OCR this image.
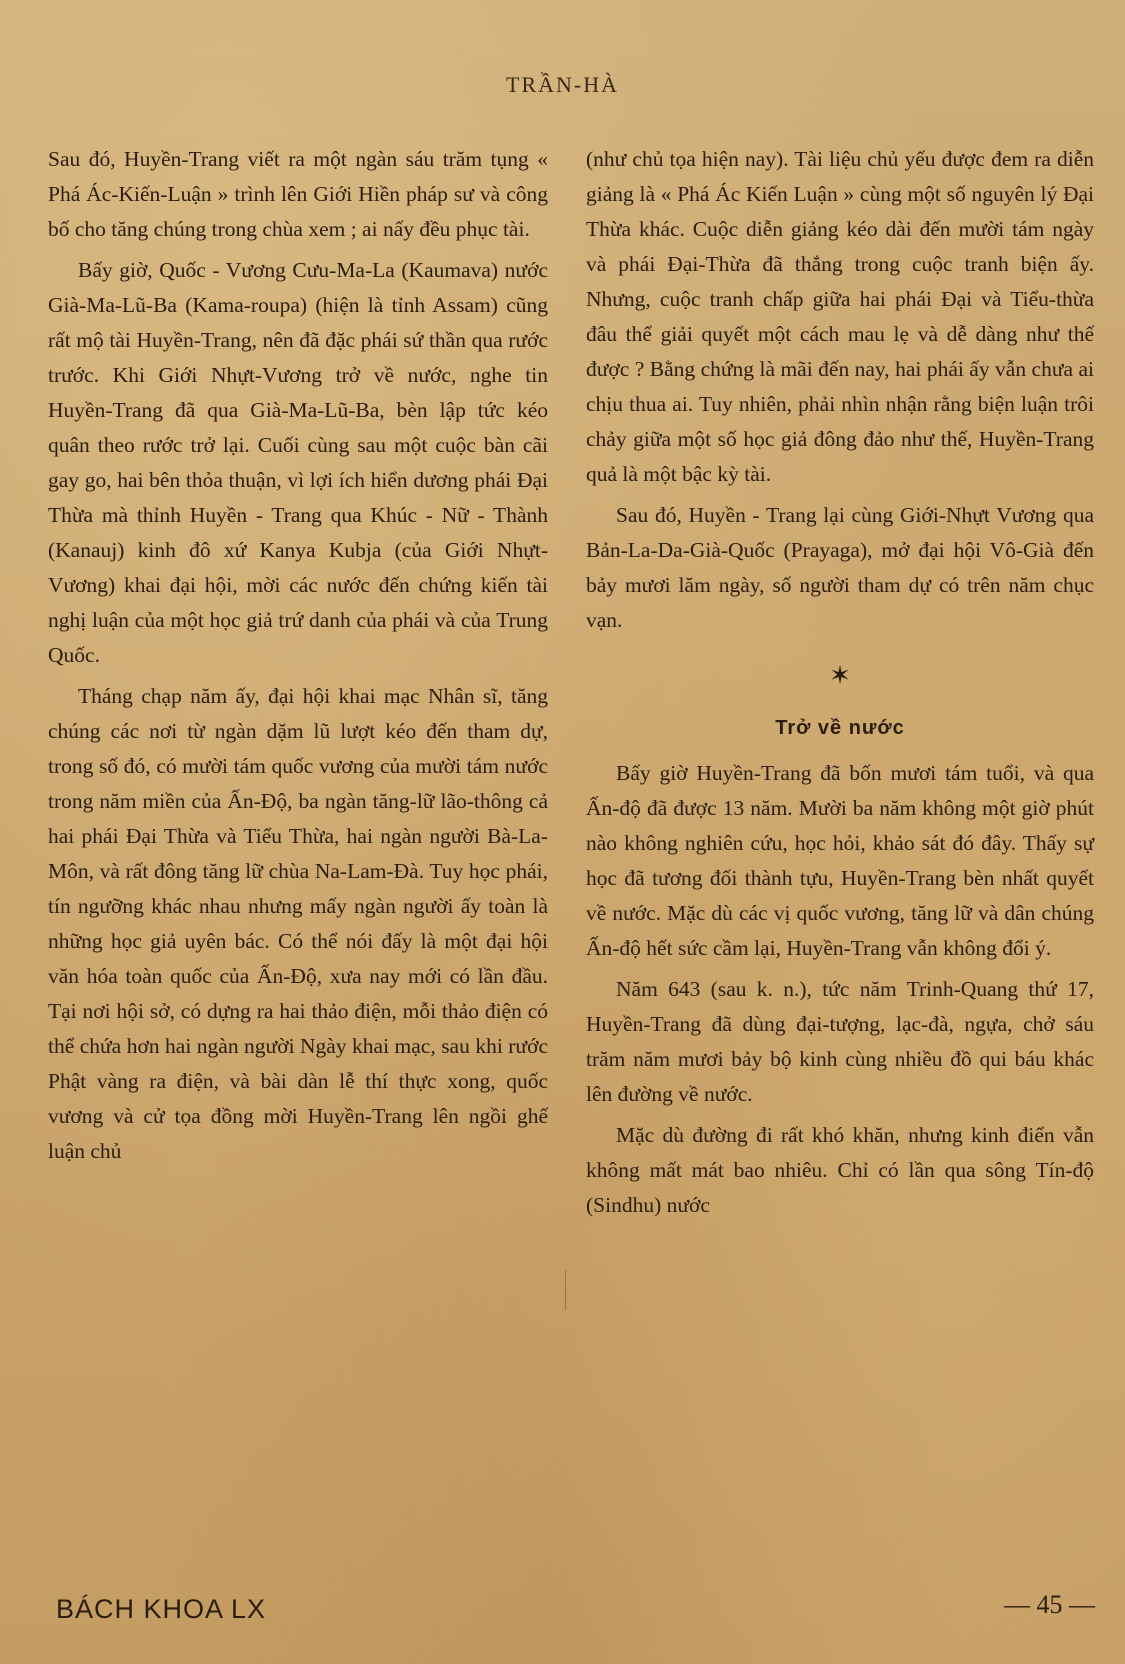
TRẦN-HÀ

Sau đó, Huyền-Trang viết ra một ngàn sáu trăm tụng « Phá Ác-Kiến-Luận » trình lên Giới Hiền pháp sư và công bố cho tăng chúng trong chùa xem ; ai nấy đều phục tài.

Bấy giờ, Quốc - Vương Cưu-Ma-La (Kaumava) nước Già-Ma-Lũ-Ba (Kama-roupa) (hiện là tỉnh Assam) cũng rất mộ tài Huyền-Trang, nên đã đặc phái sứ thần qua rước trước. Khi Giới Nhựt-Vương trở về nước, nghe tin Huyền-Trang đã qua Già-Ma-Lũ-Ba, bèn lập tức kéo quân theo rước trở lại. Cuối cùng sau một cuộc bàn cãi gay go, hai bên thỏa thuận, vì lợi ích hiển dương phái Đại Thừa mà thỉnh Huyền - Trang qua Khúc - Nữ - Thành (Kanauj) kinh đô xứ Kanya Kubja (của Giới Nhựt-Vương) khai đại hội, mời các nước đến chứng kiến tài nghị luận của một học giả trứ danh của phái và của Trung Quốc.

Tháng chạp năm ấy, đại hội khai mạc Nhân sĩ, tăng chúng các nơi từ ngàn dặm lũ lượt kéo đến tham dự, trong số đó, có mười tám quốc vương của mười tám nước trong năm miền của Ấn-Độ, ba ngàn tăng-lữ lão-thông cả hai phái Đại Thừa và Tiểu Thừa, hai ngàn người Bà-La-Môn, và rất đông tăng lữ chùa Na-Lam-Đà. Tuy học phái, tín ngưỡng khác nhau nhưng mấy ngàn người ấy toàn là những học giả uyên bác. Có thể nói đấy là một đại hội văn hóa toàn quốc của Ấn-Độ, xưa nay mới có lần đầu. Tại nơi hội sở, có dựng ra hai thảo điện, mỗi thảo điện có thể chứa hơn hai ngàn người Ngày khai mạc, sau khi rước Phật vàng ra điện, và bài dàn lễ thí thực xong, quốc vương và cử tọa đồng mời Huyền-Trang lên ngồi ghế luận chủ

(như chủ tọa hiện nay). Tài liệu chủ yếu được đem ra diễn giảng là « Phá Ác Kiến Luận » cùng một số nguyên lý Đại Thừa khác. Cuộc diễn giảng kéo dài đến mười tám ngày và phái Đại-Thừa đã thắng trong cuộc tranh biện ấy. Nhưng, cuộc tranh chấp giữa hai phái Đại và Tiểu-thừa đâu thể giải quyết một cách mau lẹ và dễ dàng như thế được ? Bằng chứng là mãi đến nay, hai phái ấy vẫn chưa ai chịu thua ai. Tuy nhiên, phải nhìn nhận rằng biện luận trôi chảy giữa một số học giả đông đảo như thế, Huyền-Trang quả là một bậc kỳ tài.

Sau đó, Huyền - Trang lại cùng Giới-Nhựt Vương qua Bản-La-Da-Già-Quốc (Prayaga), mở đại hội Vô-Già đến bảy mươi lăm ngày, số người tham dự có trên năm chục vạn.

✶
Trở về nước

Bấy giờ Huyền-Trang đã bốn mươi tám tuổi, và qua Ấn-độ đã được 13 năm. Mười ba năm không một giờ phút nào không nghiên cứu, học hỏi, khảo sát đó đây. Thấy sự học đã tương đối thành tựu, Huyền-Trang bèn nhất quyết về nước. Mặc dù các vị quốc vương, tăng lữ và dân chúng Ấn-độ hết sức cầm lại, Huyền-Trang vẫn không đổi ý.

Năm 643 (sau k. n.), tức năm Trinh-Quang thứ 17, Huyền-Trang đã dùng đại-tượng, lạc-đà, ngựa, chở sáu trăm năm mươi bảy bộ kinh cùng nhiều đồ qui báu khác lên đường về nước.

Mặc dù đường đi rất khó khăn, nhưng kinh điển vẫn không mất mát bao nhiêu. Chỉ có lần qua sông Tín-độ (Sindhu) nước

BÁCH KHOA LX	— 45 —
